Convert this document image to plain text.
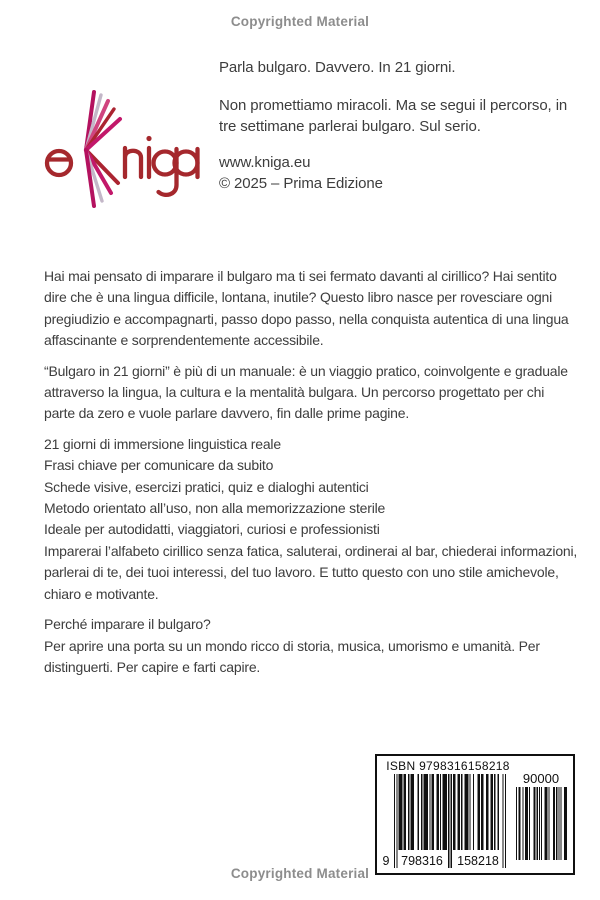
Copyrighted Material

Parla bulgaro. Davvero. In 21 giorni.

Non promettiamo miracoli. Ma se segui il percorso, in tre settimane parlerai bulgaro. Sul serio.

www.kniga.eu
© 2025 – Prima Edizione

Hai mai pensato di imparare il bulgaro ma ti sei fermato davanti al cirillico? Hai sentito dire che è una lingua difficile, lontana, inutile? Questo libro nasce per rovesciare ogni pregiudizio e accompagnarti, passo dopo passo, nella conquista autentica di una lingua affascinante e sorprendentemente accessibile.

“Bulgaro in 21 giorni” è più di un manuale: è un viaggio pratico, coinvolgente e graduale attraverso la lingua, la cultura e la mentalità bulgara. Un percorso progettato per chi parte da zero e vuole parlare davvero, fin dalle prime pagine.

21 giorni di immersione linguistica reale
Frasi chiave per comunicare da subito
Schede visive, esercizi pratici, quiz e dialoghi autentici
Metodo orientato all’uso, non alla memorizzazione sterile
Ideale per autodidatti, viaggiatori, curiosi e professionisti

Imparerai l’alfabeto cirillico senza fatica, saluterai, ordinerai al bar, chiederai informazioni, parlerai di te, dei tuoi interessi, del tuo lavoro. E tutto questo con uno stile amichevole, chiaro e motivante.

Perché imparare il bulgaro?

Per aprire una porta su un mondo ricco di storia, musica, umorismo e umanità. Per distinguerti. Per capire e farti capire.

ISBN 9798316158218
9 798316 158218
90000
Copyrighted Material
